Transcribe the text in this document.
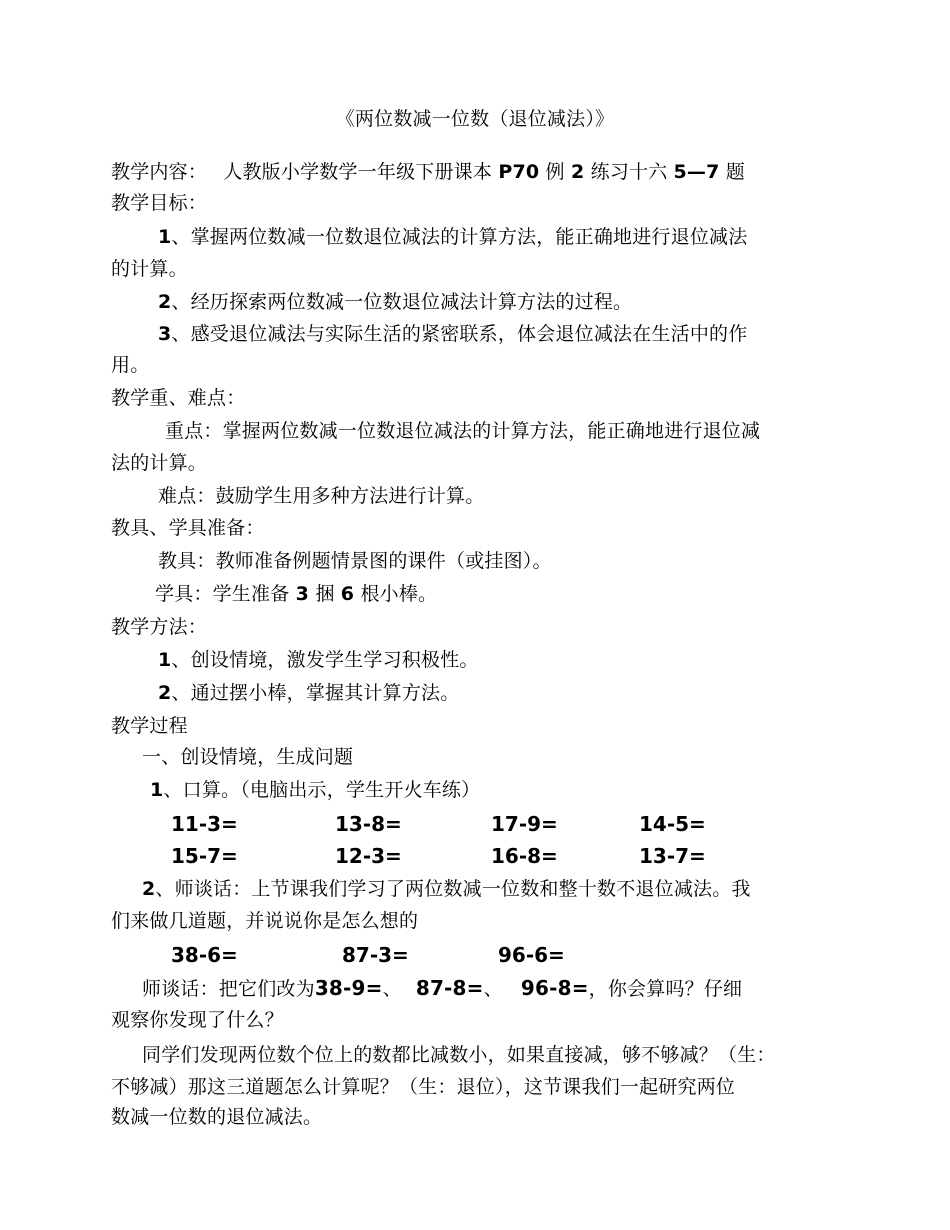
《两位数减一位数（退位减法）》
教学内容： 人教版小学数学一年级下册课本 P70 例 2 练习十六 5—7 题
教学目标：
1、掌握两位数减一位数退位减法的计算方法，能正确地进行退位减法
的计算。
2、经历探索两位数减一位数退位减法计算方法的过程。
3、感受退位减法与实际生活的紧密联系，体会退位减法在生活中的作
用。
教学重、难点：
重点：掌握两位数减一位数退位减法的计算方法，能正确地进行退位减
法的计算。
难点：鼓励学生用多种方法进行计算。
教具、学具准备：
教具：教师准备例题情景图的课件（或挂图）。
学具：学生准备 3 捆 6 根小棒。
教学方法：
1、创设情境，激发学生学习积极性。
2、通过摆小棒，掌握其计算方法。
教学过程
一、创设情境，生成问题
1、口算。（电脑出示，学生开火车练）
11-3=	13-8=	17-9=	14-5=
15-7=	12-3=	16-8=	13-7=
2、师谈话：上节课我们学习了两位数减一位数和整十数不退位减法。我
们来做几道题，并说说你是怎么想的
38-6=	87-3=	96-6=
师谈话：把它们改为38-9=、 87-8=、 96-8=，你会算吗？仔细
观察你发现了什么？
同学们发现两位数个位上的数都比减数小，如果直接减，够不够减？（生：
不够减）那这三道题怎么计算呢？（生：退位），这节课我们一起研究两位
数减一位数的退位减法。
